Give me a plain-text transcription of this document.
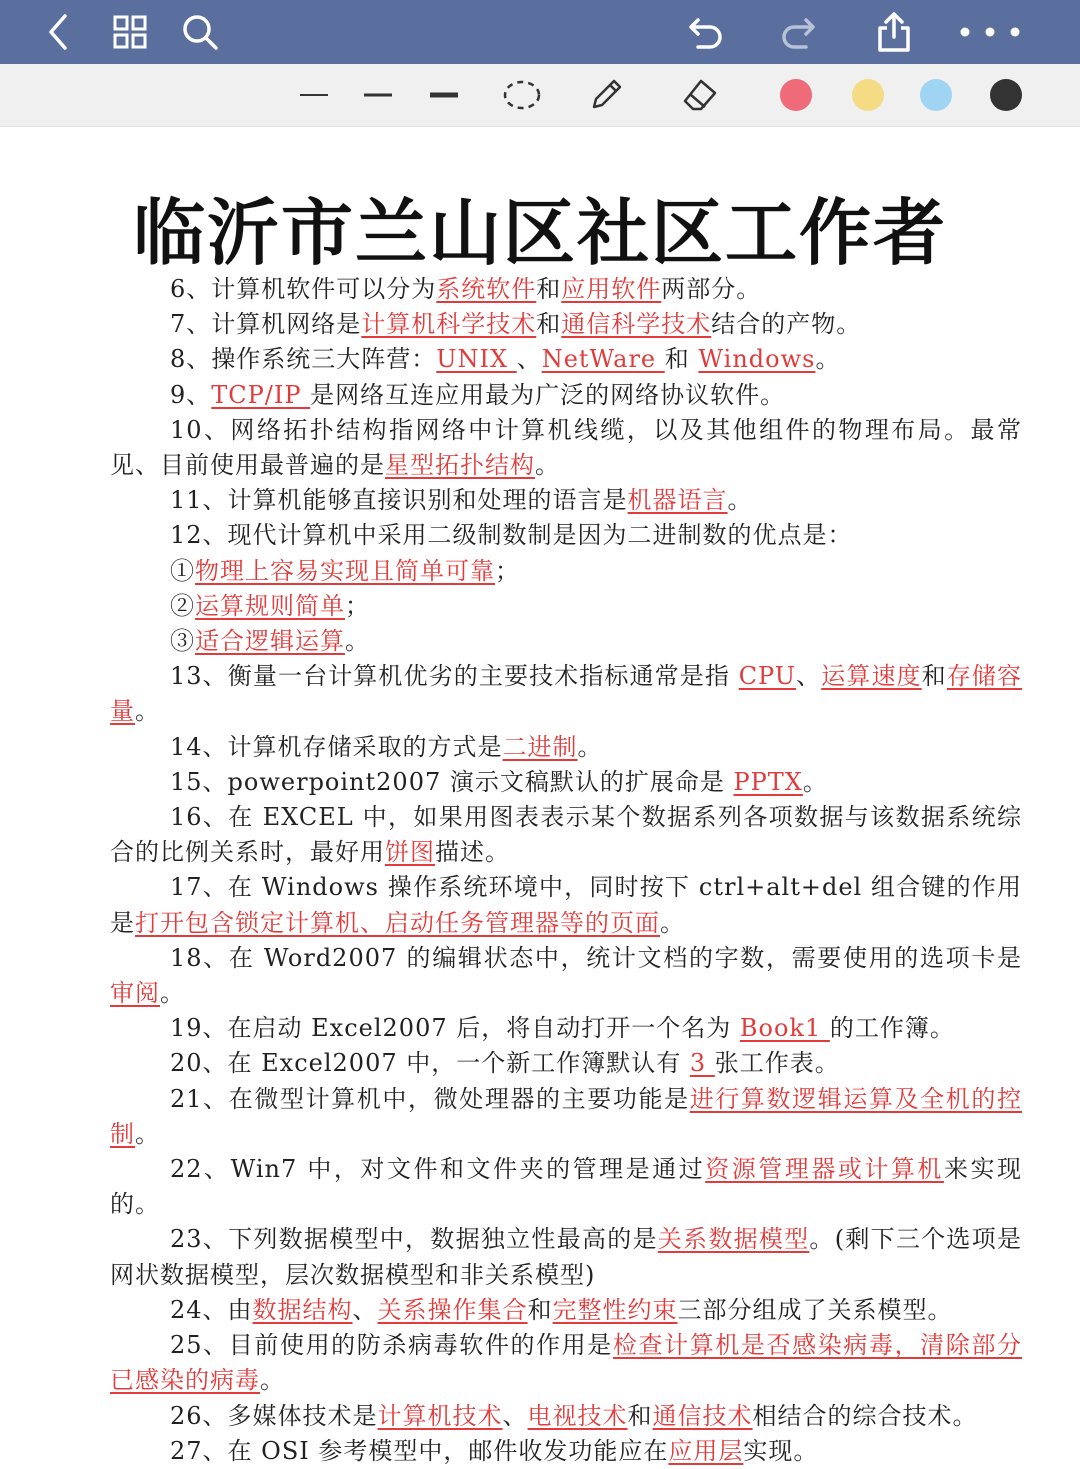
临沂市兰山区社区工作者

6、计算机软件可以分为系统软件和应用软件两部分。

7、计算机网络是计算机科学技术和通信科学技术结合的产物。

8、操作系统三大阵营：UNIX 、NetWare 和 Windows。

9、TCP/IP 是网络互连应用最为广泛的网络协议软件。

10、网络拓扑结构指网络中计算机线缆，以及其他组件的物理布局。最常见、目前使用最普遍的是星型拓扑结构。

11、计算机能够直接识别和处理的语言是机器语言。

12、现代计算机中采用二级制数制是因为二进制数的优点是：

①物理上容易实现且简单可靠；

②运算规则简单；

③适合逻辑运算。

13、衡量一台计算机优劣的主要技术指标通常是指 CPU、运算速度和存储容量。

14、计算机存储采取的方式是二进制。

15、powerpoint2007 演示文稿默认的扩展命是 PPTX。

16、在 EXCEL 中，如果用图表表示某个数据系列各项数据与该数据系统综合的比例关系时，最好用饼图描述。

17、在 Windows 操作系统环境中，同时按下 ctrl+alt+del 组合键的作用是打开包含锁定计算机、启动任务管理器等的页面。

18、在 Word2007 的编辑状态中，统计文档的字数，需要使用的选项卡是审阅。

19、在启动 Excel2007 后，将自动打开一个名为 Book1 的工作簿。

20、在 Excel2007 中，一个新工作簿默认有 3 张工作表。

21、在微型计算机中，微处理器的主要功能是进行算数逻辑运算及全机的控制。

22、Win7 中，对文件和文件夹的管理是通过资源管理器或计算机来实现的。

23、下列数据模型中，数据独立性最高的是关系数据模型。(剩下三个选项是网状数据模型，层次数据模型和非关系模型)

24、由数据结构、关系操作集合和完整性约束三部分组成了关系模型。

25、目前使用的防杀病毒软件的作用是检查计算机是否感染病毒，清除部分已感染的病毒。

26、多媒体技术是计算机技术、电视技术和通信技术相结合的综合技术。

27、在 OSI 参考模型中，邮件收发功能应在应用层实现。
